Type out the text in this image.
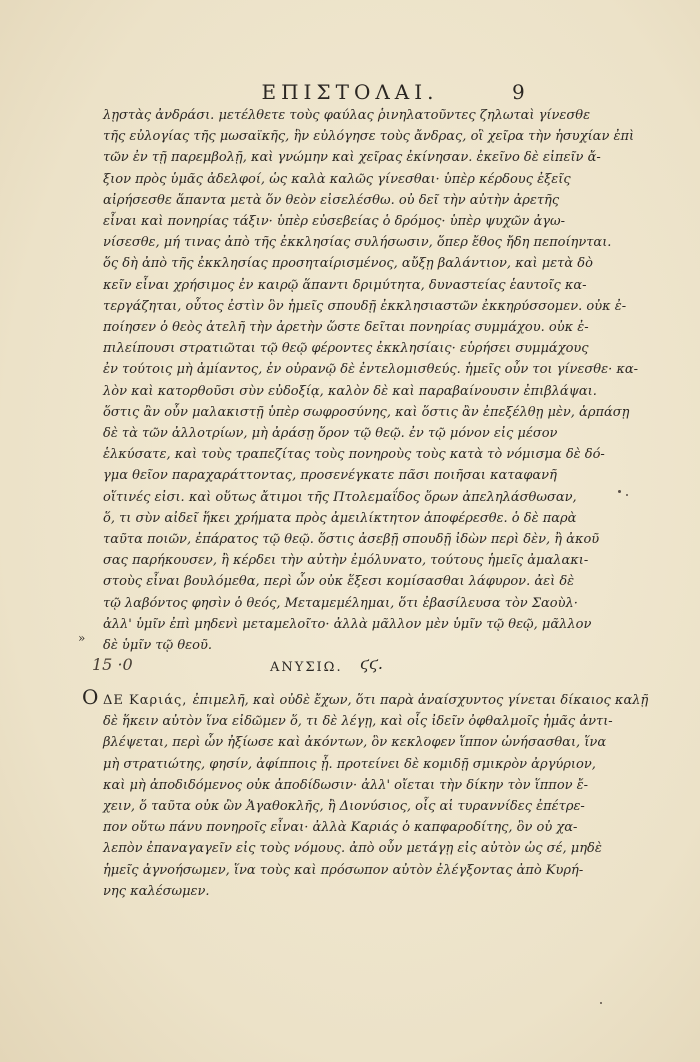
ΕΠΙΣΤΟΛΑΙ.	9
λῃστὰς ἀνδράσι. μετέλθετε τοὺς φαύλας ῥινηλατοῦντες ζηλωταὶ γίνεσθε
τῆς εὐλογίας τῆς μωσαϊκῆς, ἣν εὐλόγησε τοὺς ἄνδρας, οἳ χεῖρα τὴν ἡσυχίαν ἐπὶ
τῶν ἐν τῇ παρεμβολῇ, καὶ γνώμην καὶ χεῖρας ἐκίνησαν. ἐκεῖνο δὲ εἰπεῖν ἄ-
ξιον πρὸς ὑμᾶς ἀδελφοί, ὡς καλὰ καλῶς γίνεσθαι· ὑπὲρ κέρδους ἐξεῖς
αἰρήσεσθε ἅπαντα μετὰ ὅν θεὸν εἰσελέσθω. οὐ δεῖ τὴν αὐτὴν ἀρετῆς
εἶναι καὶ πονηρίας τάξιν· ὑπὲρ εὐσεβείας ὁ δρόμος· ὑπὲρ ψυχῶν ἀγω-
νίσεσθε, μή τινας ἀπὸ τῆς ἐκκλησίας συλήσωσιν, ὅπερ ἔθος ἤδη πεποίηνται.
ὅς δὴ ἀπὸ τῆς ἐκκλησίας προσηταίρισμένος, αὔξῃ βαλάντιον, καὶ μετὰ δὸ
κεῖν εἶναι χρήσιμος ἐν καιρῷ ἅπαντι δριμύτητα, δυναστείας ἑαυτοῖς κα-
τεργάζηται, οὗτος ἐστὶν ὃν ἡμεῖς σπουδῇ ἐκκλησιαστῶν ἐκκηρύσσομεν. οὐκ ἐ-
ποίησεν ὁ θεὸς ἀτελῆ τὴν ἀρετὴν ὥστε δεῖται πονηρίας συμμάχου. οὐκ ἐ-
πιλείπουσι στρατιῶται τῷ θεῷ φέροντες ἐκκλησίαις· εὑρήσει συμμάχους
ἐν τούτοις μὴ ἀμίαντος, ἐν οὐρανῷ δὲ ἐντελομισθεύς. ἡμεῖς οὖν τοι γίνεσθε· κα-
λὸν καὶ κατορθοῦσι σὺν εὐδοξίᾳ, καλὸν δὲ καὶ παραβαίνουσιν ἐπιβλάψαι.
ὅστις ἂν οὖν μαλακιστῇ ὑπὲρ σωφροσύνης, καὶ ὅστις ἂν ἐπεξέλθῃ μὲν, ἁρπάσῃ
δὲ τὰ τῶν ἀλλοτρίων, μὴ ἀράσῃ ὅρον τῷ θεῷ. ἐν τῷ μόνον εἰς μέσον
ἑλκύσατε, καὶ τοὺς τραπεζίτας τοὺς πονηροὺς τοὺς κατὰ τὸ νόμισμα δὲ δό-
γμα θεῖον παραχαράττοντας, προσενέγκατε πᾶσι ποιῆσαι καταφανῆ
οἵτινές εἰσι. καὶ οὕτως ἄτιμοι τῆς Πτολεμαΐδος ὅρων ἀπεληλάσθωσαν,
ὅ, τι σὺν αἰδεῖ ἥκει χρήματα πρὸς ἀμειλίκτητον ἀποφέρεσθε. ὁ δὲ παρὰ
ταῦτα ποιῶν, ἐπάρατος τῷ θεῷ. ὅστις ἀσεβῇ σπουδῇ ἰδὼν περὶ δὲν, ἢ ἀκοῦ
σας παρήκουσεν, ἢ κέρδει τὴν αὐτὴν ἐμόλυνατο, τούτους ἡμεῖς ἀμαλακι-
στοὺς εἶναι βουλόμεθα, περὶ ὧν οὐκ ἕξεσι κομίσασθαι λάφυρον. ἀεὶ δὲ
τῷ λαβόντος φησὶν ὁ θεός, Μεταμεμέλημαι, ὅτι ἐβασίλευσα τὸν Σαοὺλ·
ἀλλ' ὑμῖν ἐπὶ μηδενὶ μεταμελοῖτο· ἀλλὰ μᾶλλον μὲν ὑμῖν τῷ θεῷ, μᾶλλον
δὲ ὑμῖν τῷ θεοῦ.
»
15 ·0	ΑΝΥΣΙΩ. ϛϛ.
Ο ΔΕ Καριάς, ἐπιμελῆ, καὶ οὐδὲ ἔχων, ὅτι παρὰ ἀναίσχυντος γίνεται δίκαιος καλῇ
δὲ ἥκειν αὐτὸν ἵνα εἰδῶμεν ὅ, τι δὲ λέγῃ, καὶ οἷς ἰδεῖν ὀφθαλμοῖς ἡμᾶς ἀντι-
βλέψεται, περὶ ὧν ἠξίωσε καὶ ἀκόντων, ὃν κεκλοφεν ἵππον ὠνήσασθαι, ἵνα
μὴ στρατιώτης, φησίν, ἀφίπποις ᾖ. προτείνει δὲ κομιδῇ σμικρὸν ἀργύριον,
καὶ μὴ ἀποδιδόμενος οὐκ ἀποδίδωσιν· ἀλλ' οἴεται τὴν δίκην τὸν ἵππον ἔ-
χειν, ὅ ταῦτα οὐκ ὢν Ἀγαθοκλῆς, ἢ Διονύσιος, οἷς αἱ τυραννίδες ἐπέτρε-
πον οὕτω πάνυ πονηροῖς εἶναι· ἀλλὰ Καριάς ὁ καπφαροδίτης, ὃν οὐ χα-
λεπὸν ἐπαναγαγεῖν εἰς τοὺς νόμους. ἀπὸ οὖν μετάγῃ εἰς αὐτὸν ὡς σέ, μηδὲ
ἡμεῖς ἀγνοήσωμεν, ἵνα τοὺς καὶ πρόσωπον αὐτὸν ἐλέγξοντας ἀπὸ Κυρή-
νης καλέσωμεν.
